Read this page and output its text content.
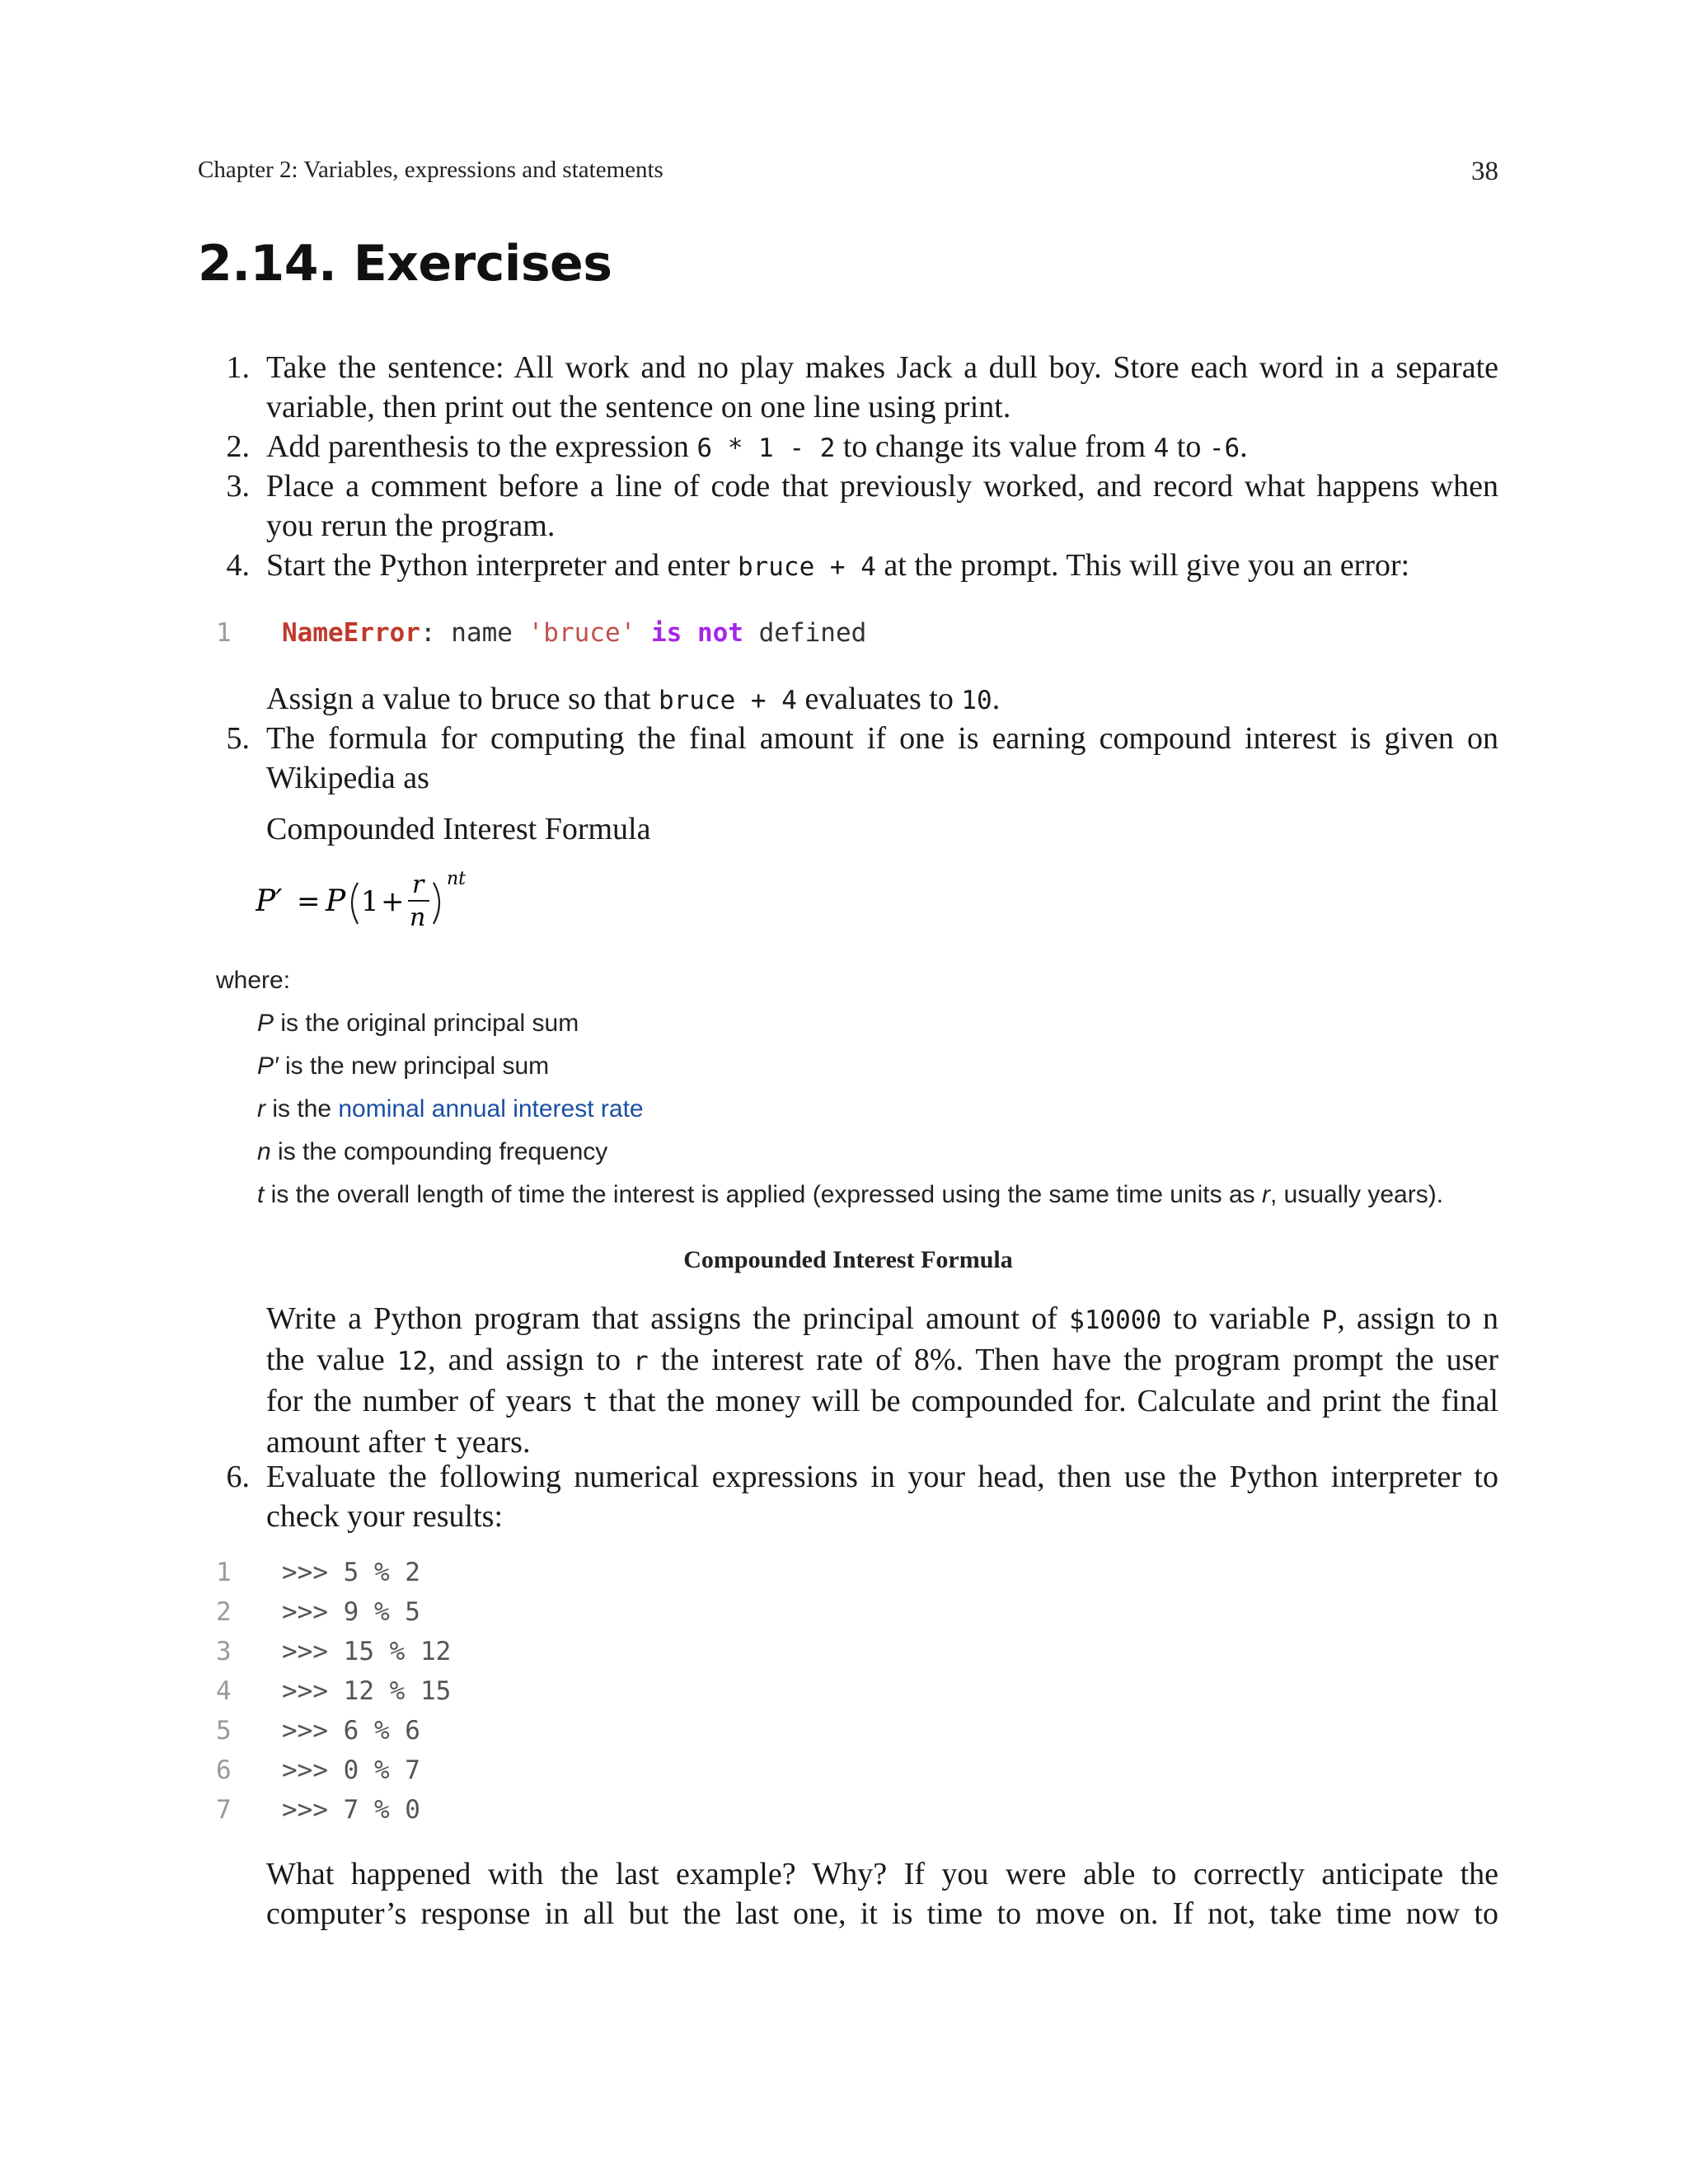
Chapter 2: Variables, expressions and statements	38
2.14. Exercises
1. Take the sentence: All work and no play makes Jack a dull boy. Store each word in a separate
variable, then print out the sentence on one line using print.
2. Add parenthesis to the expression 6 * 1 - 2 to change its value from 4 to -6.
3. Place a comment before a line of code that previously worked, and record what happens when
you rerun the program.
4. Start the Python interpreter and enter bruce + 4 at the prompt. This will give you an error:
1	NameError: name 'bruce' is not defined
Assign a value to bruce so that bruce + 4 evaluates to 10.
5. The formula for computing the final amount if one is earning compound interest is given on
Wikipedia as
Compounded Interest Formula
P′ = P 1 +
r
n
nt
where:
P is the original principal sum
P′ is the new principal sum
r is the nominal annual interest rate
n is the compounding frequency
t is the overall length of time the interest is applied (expressed using the same time units as r, usually years).
Compounded Interest Formula
Write a Python program that assigns the principal amount of $10000 to variable P, assign to n
the value 12, and assign to r the interest rate of 8%. Then have the program prompt the user
for the number of years t that the money will be compounded for. Calculate and print the final
amount after t years.
6. Evaluate the following numerical expressions in your head, then use the Python interpreter to
check your results:
1	>>> 5 % 2
2	>>> 9 % 5
3	>>> 15 % 12
4	>>> 12 % 15
5	>>> 6 % 6
6	>>> 0 % 7
7	>>> 7 % 0
What happened with the last example? Why? If you were able to correctly anticipate the
computer’s response in all but the last one, it is time to move on. If not, take time now to
